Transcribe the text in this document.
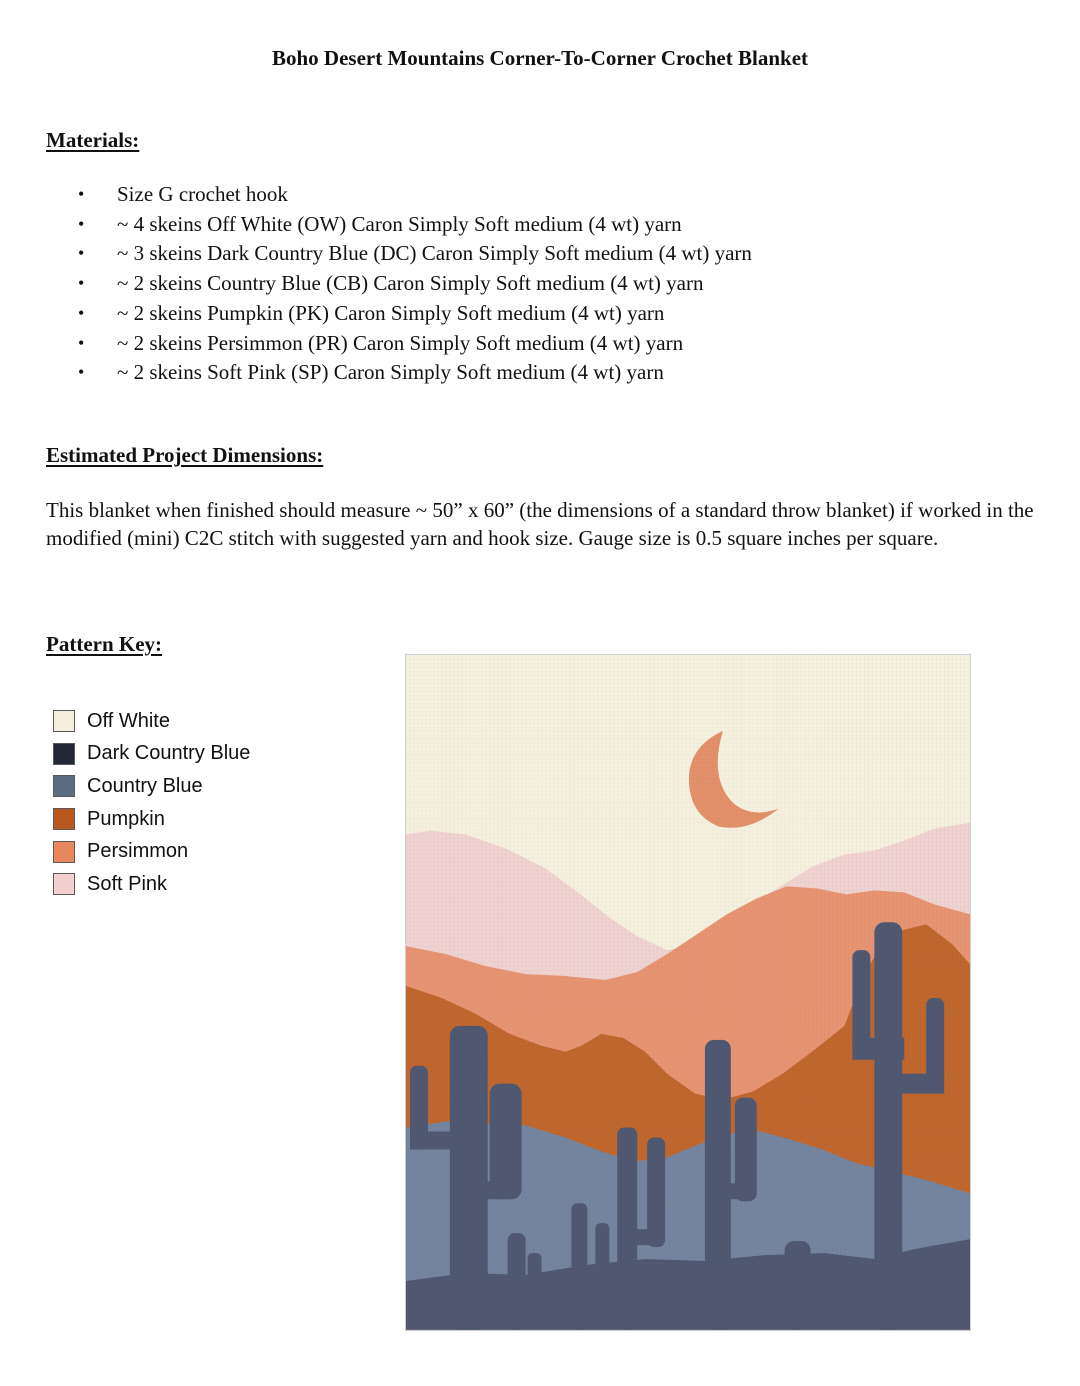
Boho Desert Mountains Corner-To-Corner Crochet Blanket
Materials:
• Size G crochet hook
• ~ 4 skeins Off White (OW) Caron Simply Soft medium (4 wt) yarn
• ~ 3 skeins Dark Country Blue (DC) Caron Simply Soft medium (4 wt) yarn
• ~ 2 skeins Country Blue (CB) Caron Simply Soft medium (4 wt) yarn
• ~ 2 skeins Pumpkin (PK) Caron Simply Soft medium (4 wt) yarn
• ~ 2 skeins Persimmon (PR) Caron Simply Soft medium (4 wt) yarn
• ~ 2 skeins Soft Pink (SP) Caron Simply Soft medium (4 wt) yarn
Estimated Project Dimensions:

This blanket when finished should measure ~ 50” x 60” (the dimensions of a standard throw blanket) if worked in the modified (mini) C2C stitch with suggested yarn and hook size. Gauge size is 0.5 square inches per square.

Pattern Key:
Off White
Dark Country Blue
Country Blue
Pumpkin
Persimmon
Soft Pink
